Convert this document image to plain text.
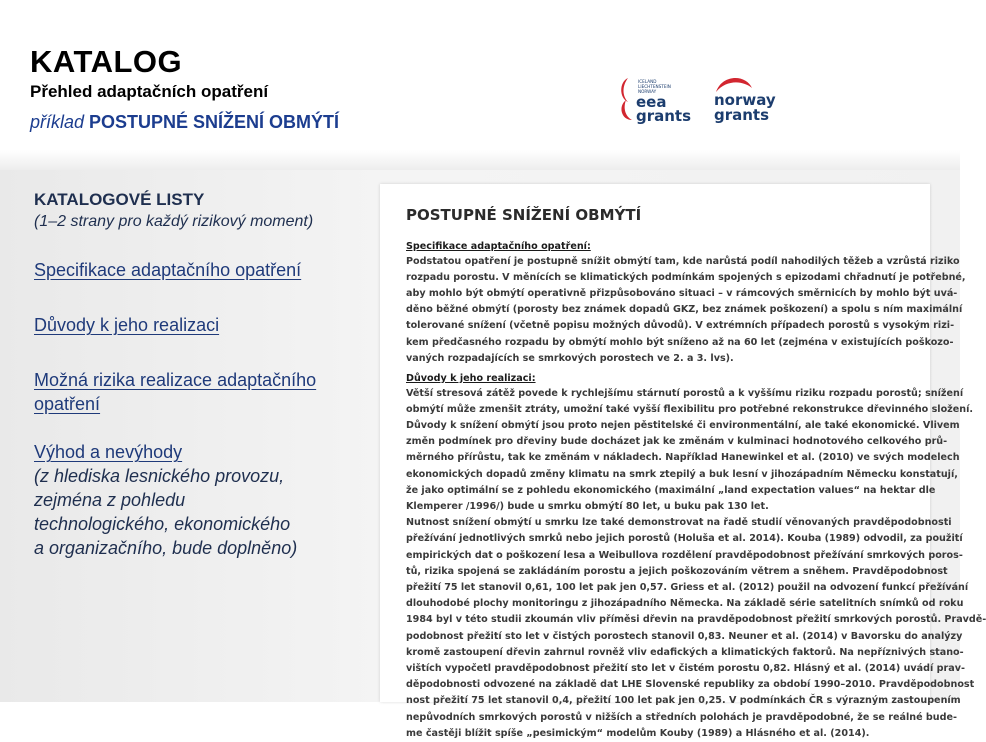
KATALOG
Přehled adaptačních opatření
příklad POSTUPNÉ SNÍŽENÍ OBMÝTÍ
ICELAND
LIECHTENSTEIN
NORWAY
eea
grants
norway
grants

KATALOGOVÉ LISTY

(1–2 strany pro každý rizikový moment)

Specifikace adaptačního opatření

Důvody k jeho realizaci

Možná rizika realizace adaptačního

opatření

Výhod a nevýhody

(z hlediska lesnického provozu,

zejména z pohledu

technologického, ekonomického

a organizačního, bude doplněno)

POSTUPNÉ SNÍŽENÍ OBMÝTÍ

Specifikace adaptačního opatření:

Podstatou opatření je postupně snížit obmýtí tam, kde narůstá podíl nahodilých těžeb a vzrůstá riziko
rozpadu porostu. V měnících se klimatických podmínkám spojených s epizodami chřadnutí je potřebné,
aby mohlo být obmýtí operativně přizpůsobováno situaci – v rámcových směrnicích by mohlo být uvá-
děno běžné obmýtí (porosty bez známek dopadů GKZ, bez známek poškození) a spolu s ním maximální
tolerované snížení (včetně popisu možných důvodů). V extrémních případech porostů s vysokým rizi-
kem předčasného rozpadu by obmýtí mohlo být sníženo až na 60 let (zejména v existujících poškozo-
vaných rozpadajících se smrkových porostech ve 2. a 3. lvs).

Důvody k jeho realizaci:

Větší stresová zátěž povede k rychlejšímu stárnutí porostů a k vyššímu riziku rozpadu porostů; snížení
obmýtí může zmenšit ztráty, umožní také vyšší flexibilitu pro potřebné rekonstrukce dřevinného složení.
Důvody k snížení obmýtí jsou proto nejen pěstitelské či environmentální, ale také ekonomické. Vlivem
změn podmínek pro dřeviny bude docházet jak ke změnám v kulminaci hodnotového celkového prů-
měrného přírůstu, tak ke změnám v nákladech. Například Hanewinkel et al. (2010) ve svých modelech
ekonomických dopadů změny klimatu na smrk ztepilý a buk lesní v jihozápadním Německu konstatují,
že jako optimální se z pohledu ekonomického (maximální „land expectation values“ na hektar dle
Klemperer /1996/) bude u smrku obmýtí 80 let, u buku pak 130 let.
Nutnost snížení obmýtí u smrku lze také demonstrovat na řadě studií věnovaných pravděpodobnosti
přežívání jednotlivých smrků nebo jejich porostů (Holuša et al. 2014). Kouba (1989) odvodil, za použití
empirických dat o poškození lesa a Weibullova rozdělení pravděpodobnost přežívání smrkových poros-
tů, rizika spojená se zakládáním porostu a jejich poškozováním větrem a sněhem. Pravděpodobnost
přežití 75 let stanovil 0,61, 100 let pak jen 0,57. Griess et al. (2012) použil na odvození funkcí přežívání
dlouhodobé plochy monitoringu z jihozápadního Německa. Na základě série satelitních snímků od roku
1984 byl v této studii zkoumán vliv příměsi dřevin na pravděpodobnost přežití smrkových porostů. Pravdě-
podobnost přežití sto let v čistých porostech stanovil 0,83. Neuner et al. (2014) v Bavorsku do analýzy
kromě zastoupení dřevin zahrnul rovněž vliv edafických a klimatických faktorů. Na nepříznivých stano-
vištích vypočetl pravděpodobnost přežití sto let v čistém porostu 0,82. Hlásný et al. (2014) uvádí prav-
děpodobnosti odvozené na základě dat LHE Slovenské republiky za období 1990–2010. Pravděpodobnost
nost přežití 75 let stanovil 0,4, přežití 100 let pak jen 0,25. V podmínkách ČR s výrazným zastoupením
nepůvodních smrkových porostů v nižších a středních polohách je pravděpodobné, že se reálné bude-
me častěji blížit spíše „pesimickým“ modelům Kouby (1989) a Hlásného et al. (2014).
